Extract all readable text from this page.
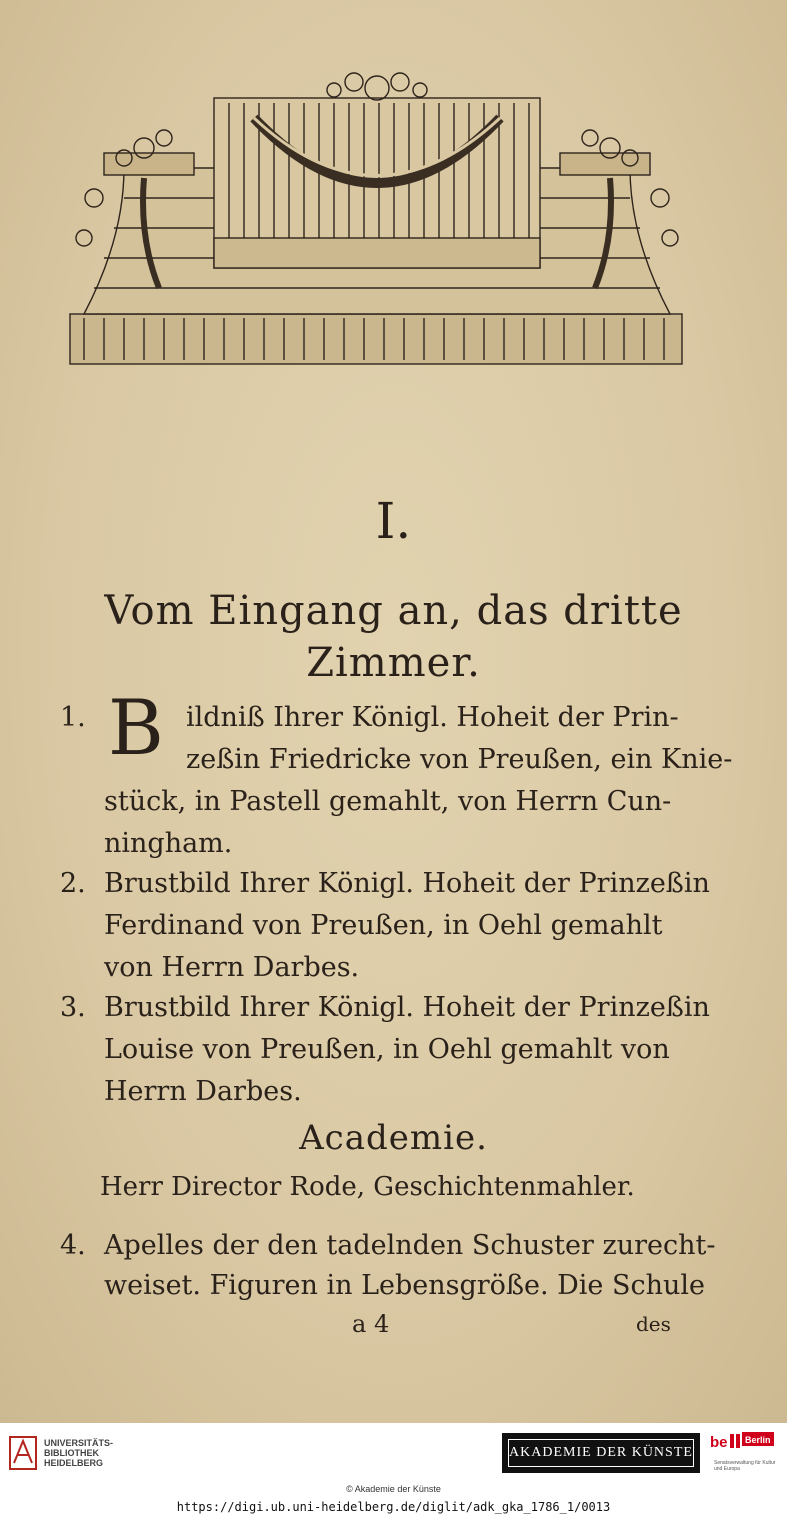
I.
Vom Eingang an, das dritte
Zimmer.
1. B ildniß Ihrer Königl. Hoheit der Prin-
zeßin Friedricke von Preußen, ein Knie-
stück, in Pastell gemahlt, von Herrn Cun-
ningham.
2. Brustbild Ihrer Königl. Hoheit der Prinzeßin
Ferdinand von Preußen, in Oehl gemahlt
von Herrn Darbes.
3. Brustbild Ihrer Königl. Hoheit der Prinzeßin
Louise von Preußen, in Oehl gemahlt von
Herrn Darbes.
Academie.
Herr Director Rode, Geschichtenmahler.
4. Apelles der den tadelnden Schuster zurecht-
weiset. Figuren in Lebensgröße. Die Schule
a 4	des
UNIVERSITÄTS-
BIBLIOTHEK
HEIDELBERG
AKADEMIE DER KÜNSTE
be Berlin
Senatsverwaltung für Kultur und Europa
© Akademie der Künste
https://digi.ub.uni-heidelberg.de/diglit/adk_gka_1786_1/0013
